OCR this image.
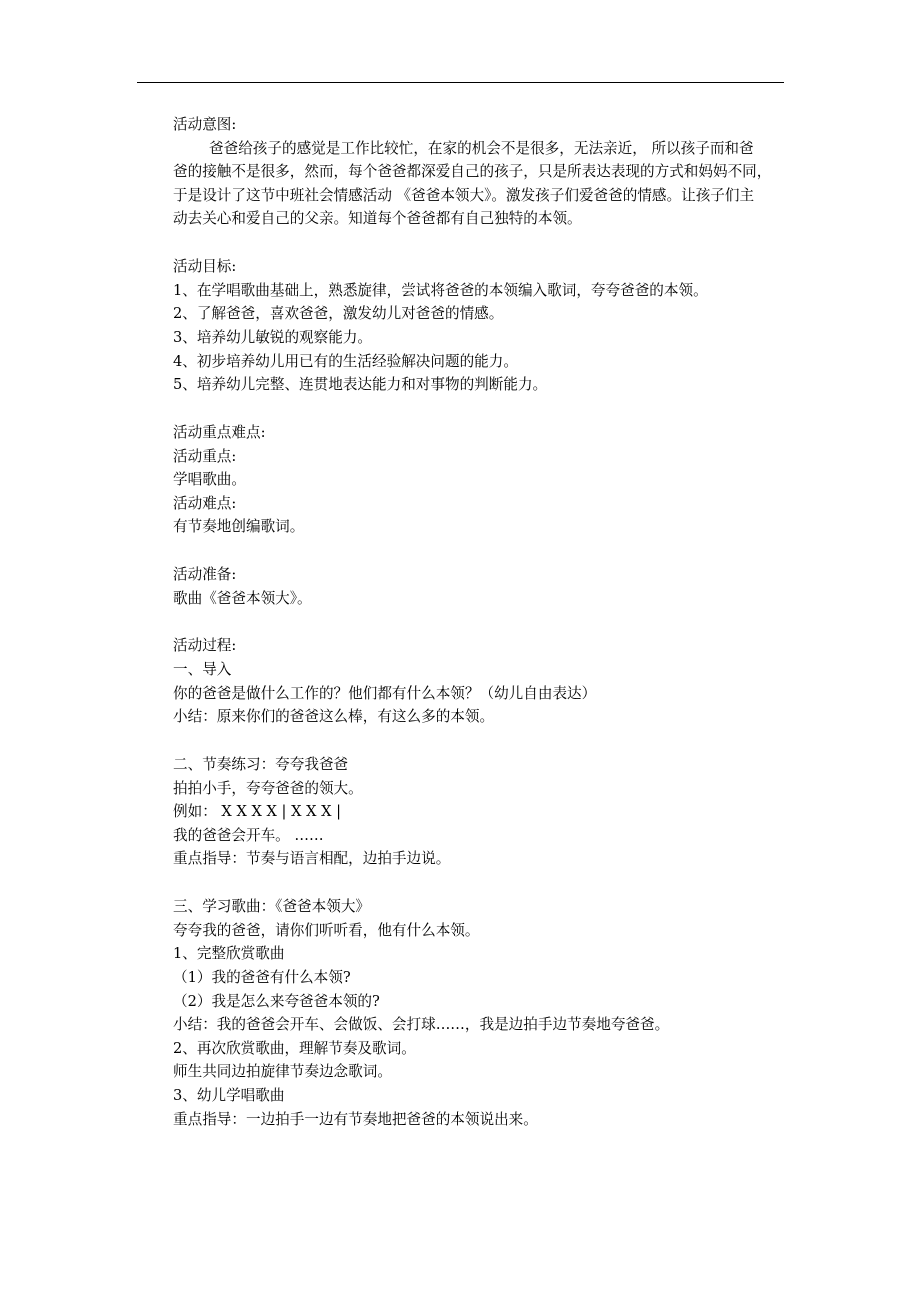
活动意图:
爸爸给孩子的感觉是工作比较忙，在家的机会不是很多，无法亲近， 所以孩子而和爸
爸的接触不是很多，然而，每个爸爸都深爱自己的孩子，只是所表达表现的方式和妈妈不同，
于是设计了这节中班社会情感活动 《爸爸本领大》。激发孩子们爱爸爸的情感。让孩子们主
动去关心和爱自己的父亲。知道每个爸爸都有自己独特的本领。
活动目标:
1、在学唱歌曲基础上，熟悉旋律，尝试将爸爸的本领编入歌词，夸夸爸爸的本领。
2、了解爸爸，喜欢爸爸，激发幼儿对爸爸的情感。
3、培养幼儿敏锐的观察能力。
4、初步培养幼儿用已有的生活经验解决问题的能力。
5、培养幼儿完整、连贯地表达能力和对事物的判断能力。
活动重点难点:
活动重点:
学唱歌曲。
活动难点:
有节奏地创编歌词。
活动准备:
歌曲《爸爸本领大》。
活动过程:
一、导入
你的爸爸是做什么工作的？他们都有什么本领？（幼儿自由表达）
小结：原来你们的爸爸这么棒，有这么多的本领。
二、节奏练习：夸夸我爸爸
拍拍小手，夸夸爸爸的领大。
例如： X X X X | X X X |
我的爸爸会开车。 ……
重点指导：节奏与语言相配，边拍手边说。
三、学习歌曲：《爸爸本领大》
夸夸我的爸爸，请你们听听看，他有什么本领。
1、完整欣赏歌曲
（1）我的爸爸有什么本领?
（2）我是怎么来夸爸爸本领的?
小结：我的爸爸会开车、会做饭、会打球……，我是边拍手边节奏地夸爸爸。
2、再次欣赏歌曲，理解节奏及歌词。
师生共同边拍旋律节奏边念歌词。
3、幼儿学唱歌曲
重点指导：一边拍手一边有节奏地把爸爸的本领说出来。
